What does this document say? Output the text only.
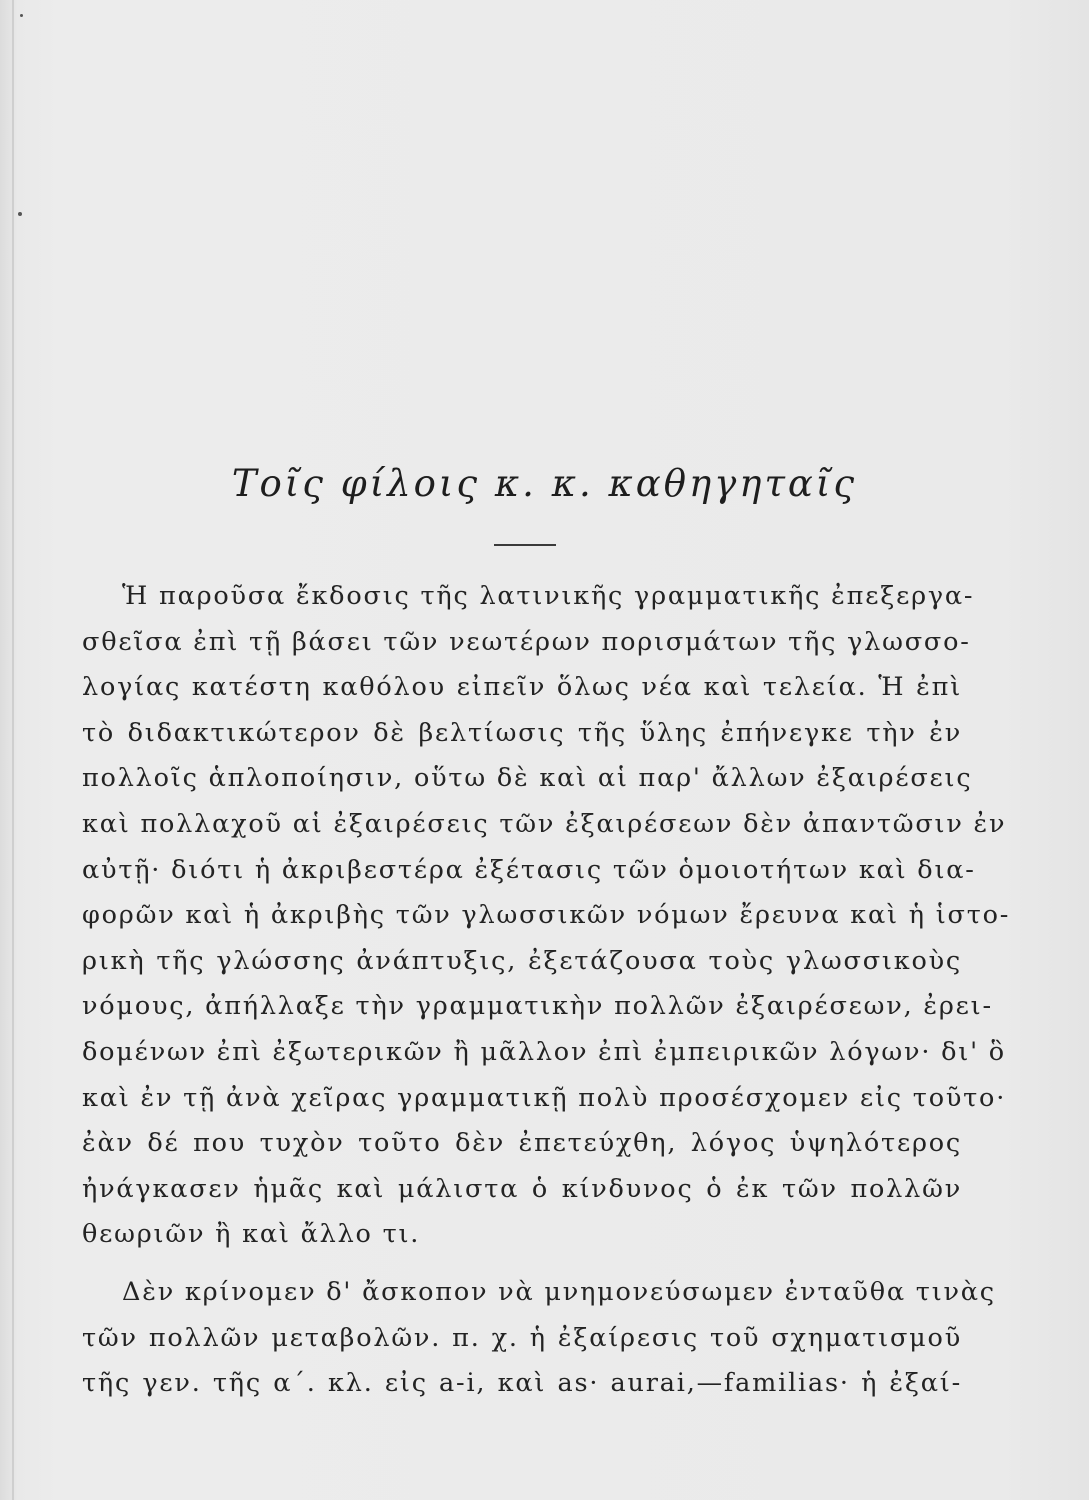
Τοῖς φίλοις κ. κ. καθηγηταῖς
Ἡ παροῦσα ἔκδοσις τῆς λατινικῆς γραμματικῆς ἐπεξεργα-
σθεῖσα ἐπὶ τῇ βάσει τῶν νεωτέρων πορισμάτων τῆς γλωσσο-
λογίας κατέστη καθόλου εἰπεῖν ὅλως νέα καὶ τελεία. Ἡ ἐπὶ
τὸ διδακτικώτερον δὲ βελτίωσις τῆς ὕλης ἐπήνεγκε τὴν ἐν
πολλοῖς ἁπλοποίησιν, οὕτω δὲ καὶ αἱ παρ' ἄλλων ἐξαιρέσεις
καὶ πολλαχοῦ αἱ ἐξαιρέσεις τῶν ἐξαιρέσεων δὲν ἀπαντῶσιν ἐν
αὐτῇ· διότι ἡ ἀκριβεστέρα ἐξέτασις τῶν ὁμοιοτήτων καὶ δια-
φορῶν καὶ ἡ ἀκριβὴς τῶν γλωσσικῶν νόμων ἔρευνα καὶ ἡ ἱστο-
ρικὴ τῆς γλώσσης ἀνάπτυξις, ἐξετάζουσα τοὺς γλωσσικοὺς
νόμους, ἀπήλλαξε τὴν γραμματικὴν πολλῶν ἐξαιρέσεων, ἐρει-
δομένων ἐπὶ ἐξωτερικῶν ἢ μᾶλλον ἐπὶ ἐμπειρικῶν λόγων· δι' ὃ
καὶ ἐν τῇ ἀνὰ χεῖρας γραμματικῇ πολὺ προσέσχομεν εἰς τοῦτο·
ἐὰν δέ που τυχὸν τοῦτο δὲν ἐπετεύχθη, λόγος ὑψηλότερος
ἠνάγκασεν ἡμᾶς καὶ μάλιστα ὁ κίνδυνος ὁ ἐκ τῶν πολλῶν
θεωριῶν ἢ καὶ ἄλλο τι.
Δὲν κρίνομεν δ' ἄσκοπον νὰ μνημονεύσωμεν ἐνταῦθα τινὰς
τῶν πολλῶν μεταβολῶν. π. χ. ἡ ἐξαίρεσις τοῦ σχηματισμοῦ
τῆς γεν. τῆς α΄. κλ. εἰς a-i, καὶ as· aurai,—familias· ἡ ἐξαί-
